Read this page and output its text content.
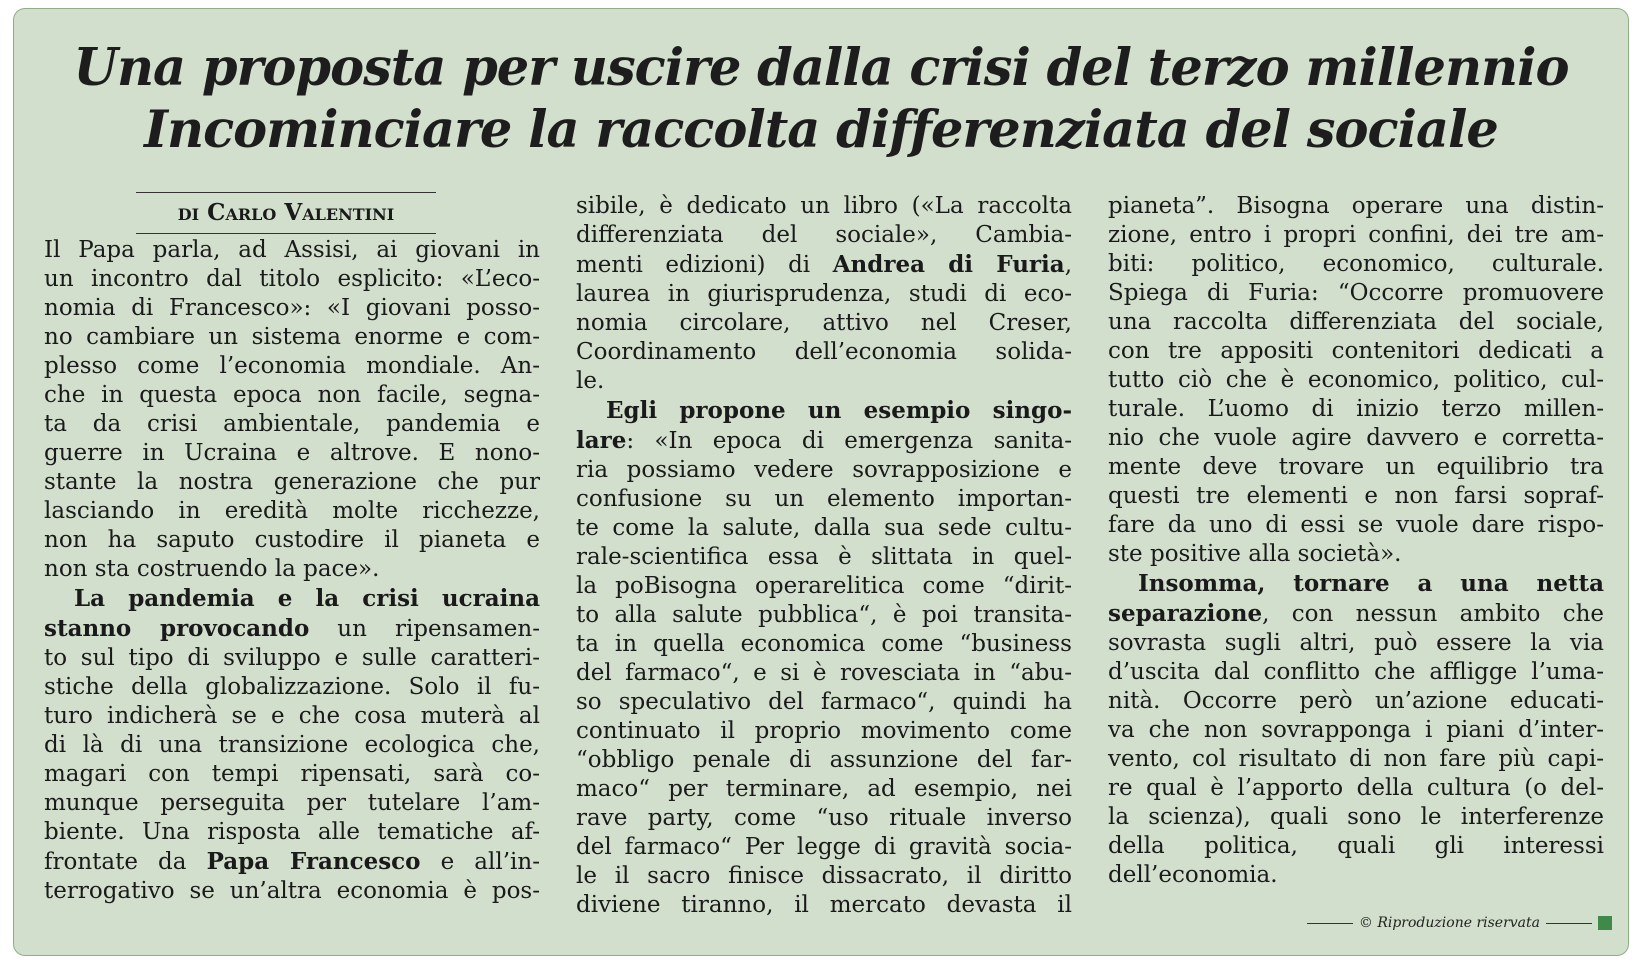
Una proposta per uscire dalla crisi del terzo millennio
Incominciare la raccolta differenziata del sociale
di Carlo Valentini

Il Papa parla, ad Assisi, ai giovani in

un incontro dal titolo esplicito: «L’eco-

nomia di Francesco»: «I giovani posso-

no cambiare un sistema enorme e com-

plesso come l’economia mondiale. An-

che in questa epoca non facile, segna-

ta da crisi ambientale, pandemia e

guerre in Ucraina e altrove. E nono-

stante la nostra generazione che pur

lasciando in eredità molte ricchezze,

non ha saputo custodire il pianeta e

non sta costruendo la pace».

La pandemia e la crisi ucraina

stanno provocando un ripensamen-

to sul tipo di sviluppo e sulle caratteri-

stiche della globalizzazione. Solo il fu-

turo indicherà se e che cosa muterà al

di là di una transizione ecologica che,

magari con tempi ripensati, sarà co-

munque perseguita per tutelare l’am-

biente. Una risposta alle tematiche af-

frontate da Papa Francesco e all’in-

terrogativo se un’altra economia è pos-

sibile, è dedicato un libro («La raccolta

differenziata del sociale», Cambia-

menti edizioni) di Andrea di Furia,

laurea in giurisprudenza, studi di eco-

nomia circolare, attivo nel Creser,

Coordinamento dell’economia solida-

le.

Egli propone un esempio singo-

lare: «In epoca di emergenza sanita-

ria possiamo vedere sovrapposizione e

confusione su un elemento importan-

te come la salute, dalla sua sede cultu-

rale-scientifica essa è slittata in quel-

la poBisogna operarelitica come “dirit-

to alla salute pubblica“, è poi transita-

ta in quella economica come “business

del farmaco“, e si è rovesciata in “abu-

so speculativo del farmaco“, quindi ha

continuato il proprio movimento come

“obbligo penale di assunzione del far-

maco“ per terminare, ad esempio, nei

rave party, come “uso rituale inverso

del farmaco“ Per legge di gravità socia-

le il sacro finisce dissacrato, il diritto

diviene tiranno, il mercato devasta il

pianeta”. Bisogna operare una distin-

zione, entro i propri confini, dei tre am-

biti: politico, economico, culturale.

Spiega di Furia: “Occorre promuovere

una raccolta differenziata del sociale,

con tre appositi contenitori dedicati a

tutto ciò che è economico, politico, cul-

turale. L’uomo di inizio terzo millen-

nio che vuole agire davvero e corretta-

mente deve trovare un equilibrio tra

questi tre elementi e non farsi sopraf-

fare da uno di essi se vuole dare rispo-

ste positive alla società».

Insomma, tornare a una netta

separazione, con nessun ambito che

sovrasta sugli altri, può essere la via

d’uscita dal conflitto che affligge l’uma-

nità. Occorre però un’azione educati-

va che non sovrapponga i piani d’inter-

vento, col risultato di non fare più capi-

re qual è l’apporto della cultura (o del-

la scienza), quali sono le interferenze

della politica, quali gli interessi

dell’economia.

© Riproduzione riservata
